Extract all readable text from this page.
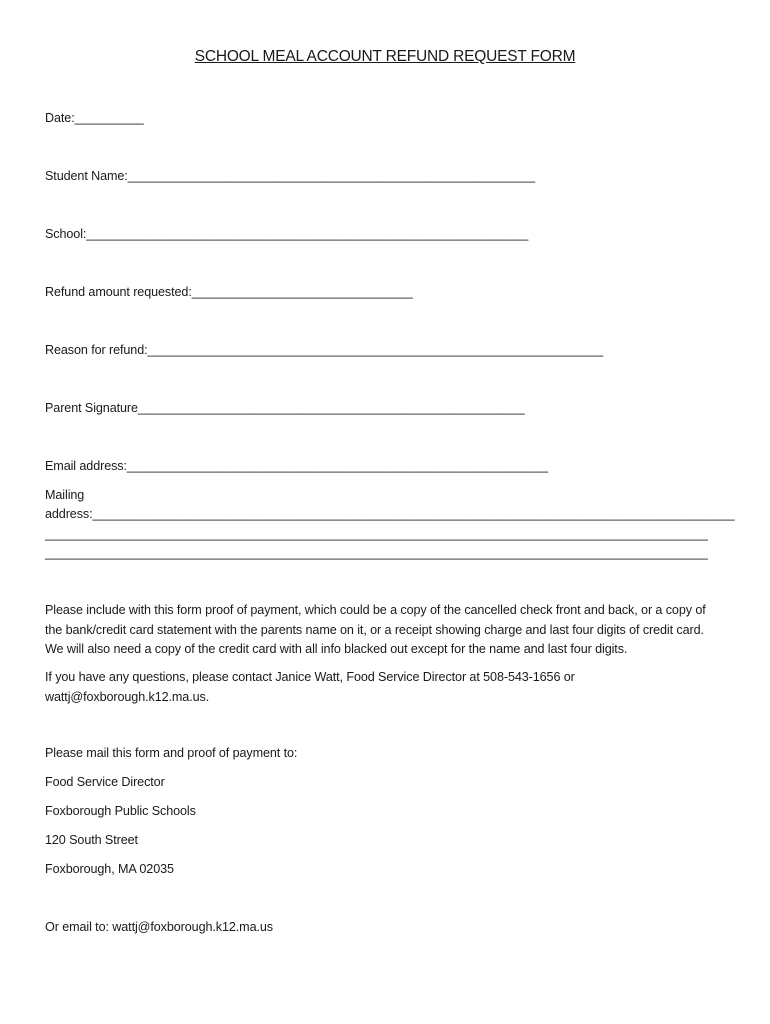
SCHOOL MEAL ACCOUNT REFUND REQUEST FORM
Date:__________
Student Name:___________________________________________________________
School:________________________________________________________________
Refund amount requested:________________________________
Reason for refund:__________________________________________________________________
Parent Signature________________________________________________________
Email address:_____________________________________________________________
Mailing
address:_____________________________________________________________________________________________
________________________________________________________________________________________________
________________________________________________________________________________________________
Please include with this form proof of payment, which could be a copy of the cancelled check front and back, or a copy of the bank/credit card statement with the parents name on it, or a receipt showing charge and last four digits of credit card. We will also need a copy of the credit card with all info blacked out except for the name and last four digits.
If you have any questions, please contact Janice Watt, Food Service Director at 508-543-1656 or wattj@foxborough.k12.ma.us.
Please mail this form and proof of payment to:
Food Service Director
Foxborough Public Schools
120 South Street
Foxborough, MA 02035
Or email to: wattj@foxborough.k12.ma.us
